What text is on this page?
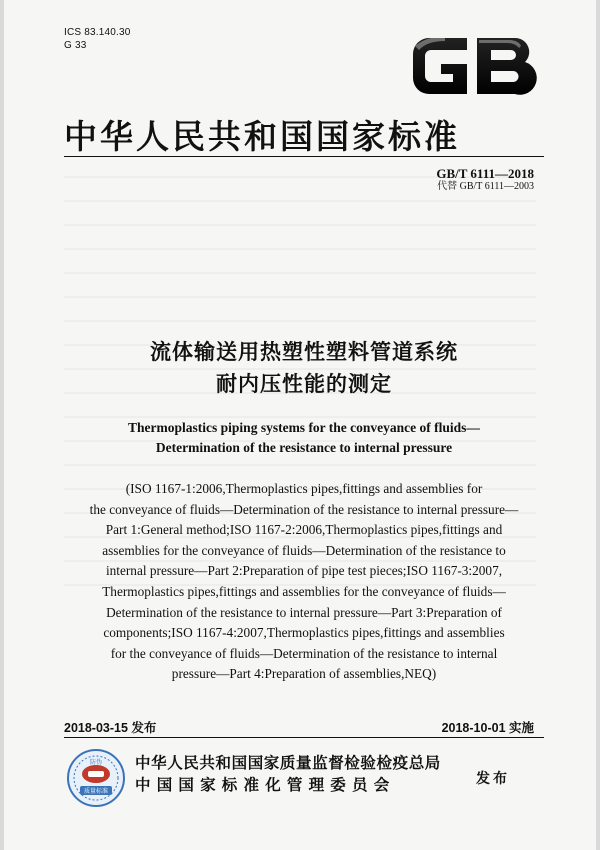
ICS 83.140.30
G 33
GB
中华人民共和国国家标准
GB/T 6111—2018
代替 GB/T 6111—2003
流体输送用热塑性塑料管道系统
耐内压性能的测定
Thermoplastics piping systems for the conveyance of fluids—
Determination of the resistance to internal pressure
(ISO 1167-1:2006,Thermoplastics pipes,fittings and assemblies for
the conveyance of fluids—Determination of the resistance to internal pressure—
Part 1:General method;ISO 1167-2:2006,Thermoplastics pipes,fittings and
assemblies for the conveyance of fluids—Determination of the resistance to
internal pressure—Part 2:Preparation of pipe test pieces;ISO 1167-3:2007,
Thermoplastics pipes,fittings and assemblies for the conveyance of fluids—
Determination of the resistance to internal pressure—Part 3:Preparation of
components;ISO 1167-4:2007,Thermoplastics pipes,fittings and assemblies
for the conveyance of fluids—Determination of the resistance to internal
pressure—Part 4:Preparation of assemblies,NEQ)
2018-03-15 发布	2018-10-01 实施
防伪
质量标准
中华人民共和国国家质量监督检验检疫总局
中国国家标准化管理委员会	发布
